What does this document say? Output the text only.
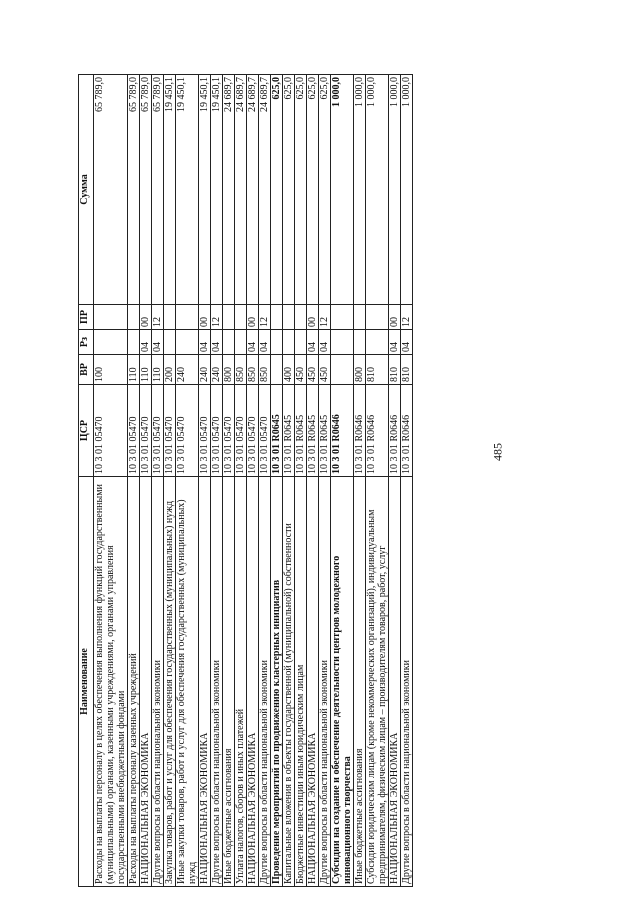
485
Наименование	ЦСР	ВР	Рз	ПР	Сумма
Расходы на выплаты персоналу в целях обеспечения выполнения функций государственными (муниципальными) органами, казенными учреждениями, органами управления государственными внебюджетными фондами	10 3 01 05470	100			65 789,0
Расходы на выплаты персоналу казенных учреждений	10 3 01 05470	110			65 789,0
НАЦИОНАЛЬНАЯ ЭКОНОМИКА	10 3 01 05470	110	04	00	65 789,0
Другие вопросы в области национальной экономики	10 3 01 05470	110	04	12	65 789,0
Закупка товаров, работ и услуг для обеспечения государственных (муниципальных) нужд	10 3 01 05470	200			19 450,1
Иные закупки товаров, работ и услуг для обеспечения государственных (муниципальных) нужд	10 3 01 05470	240			19 450,1
НАЦИОНАЛЬНАЯ ЭКОНОМИКА	10 3 01 05470	240	04	00	19 450,1
Другие вопросы в области национальной экономики	10 3 01 05470	240	04	12	19 450,1
Иные бюджетные ассигнования	10 3 01 05470	800			24 689,7
Уплата налогов, сборов и иных платежей	10 3 01 05470	850			24 689,7
НАЦИОНАЛЬНАЯ ЭКОНОМИКА	10 3 01 05470	850	04	00	24 689,7
Другие вопросы в области национальной экономики	10 3 01 05470	850	04	12	24 689,7
Проведение мероприятий по продвижению кластерных инициатив	10 3 01 R0645				625,0
Капитальные вложения в объекты государственной (муниципальной) собственности	10 3 01 R0645	400			625,0
Бюджетные инвестиции иным юридическим лицам	10 3 01 R0645	450			625,0
НАЦИОНАЛЬНАЯ ЭКОНОМИКА	10 3 01 R0645	450	04	00	625,0
Другие вопросы в области национальной экономики	10 3 01 R0645	450	04	12	625,0
Субсидии на создание и обеспечение деятельности центров молодежного инновационного творчества	10 3 01 R0646				1 000,0
Иные бюджетные ассигнования	10 3 01 R0646	800			1 000,0
Субсидии юридическим лицам (кроме некоммерческих организаций), индивидуальным предпринимателям, физическим лицам – производителям товаров, работ, услуг	10 3 01 R0646	810			1 000,0
НАЦИОНАЛЬНАЯ ЭКОНОМИКА	10 3 01 R0646	810	04	00	1 000,0
Другие вопросы в области национальной экономики	10 3 01 R0646	810	04	12	1 000,0
